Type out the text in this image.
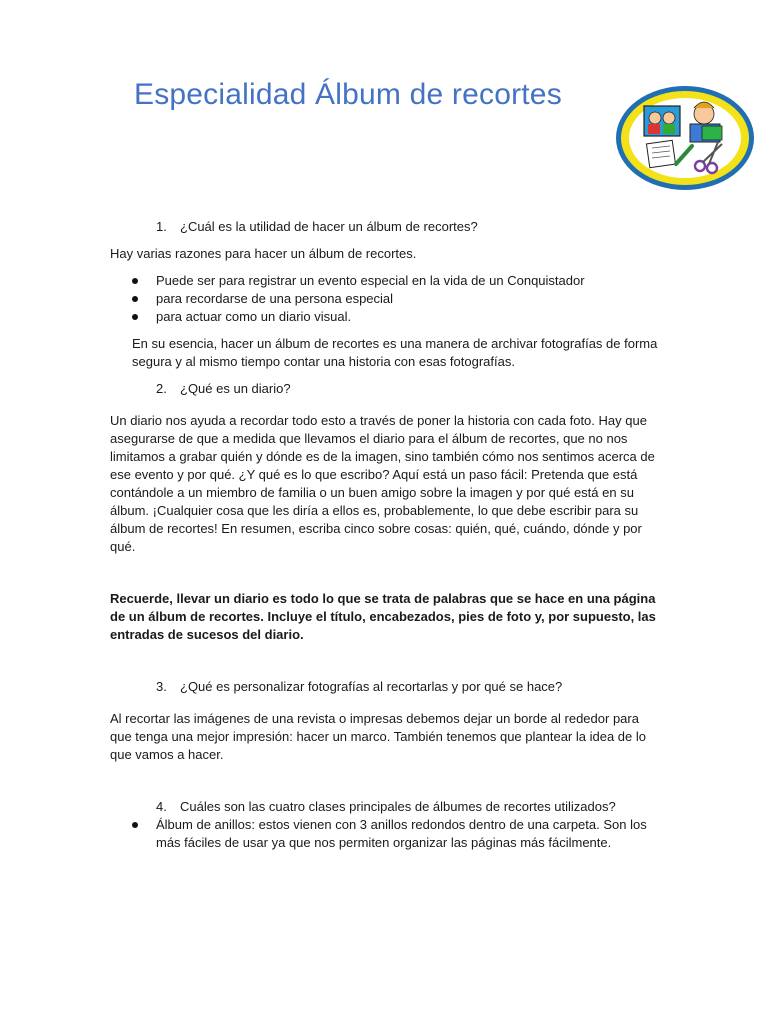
Especialidad Álbum de recortes

1. ¿Cuál es la utilidad de hacer un álbum de recortes?

Hay varias razones para hacer un álbum de recortes.

Puede ser para registrar un evento especial en la vida de un Conquistador
para recordarse de una persona especial
para actuar como un diario visual.

En su esencia, hacer un álbum de recortes es una manera de archivar fotografías de forma segura y al mismo tiempo contar una historia con esas fotografías.

2. ¿Qué es un diario?

Un diario nos ayuda a recordar todo esto a través de poner la historia con cada foto. Hay que asegurarse de que a medida que llevamos el diario para el álbum de recortes, que no nos limitamos a grabar quién y dónde es de la imagen, sino también cómo nos sentimos acerca de ese evento y por qué. ¿Y qué es lo que escribo? Aquí está un paso fácil: Pretenda que está contándole a un miembro de familia o un buen amigo sobre la imagen y por qué está en su álbum. ¡Cualquier cosa que les diría a ellos es, probablemente, lo que debe escribir para su álbum de recortes! En resumen, escriba cinco sobre cosas: quién, qué, cuándo, dónde y por qué.

Recuerde, llevar un diario es todo lo que se trata de palabras que se hace en una página de un álbum de recortes. Incluye el título, encabezados, pies de foto y, por supuesto, las entradas de sucesos del diario.

3. ¿Qué es personalizar fotografías al recortarlas y por qué se hace?

Al recortar las imágenes de una revista o impresas debemos dejar un borde al rededor para que tenga una mejor impresión: hacer un marco. También tenemos que plantear la idea de lo que vamos a hacer.

4. Cuáles son las cuatro clases principales de álbumes de recortes utilizados?

Álbum de anillos: estos vienen con 3 anillos redondos dentro de una carpeta. Son los más fáciles de usar ya que nos permiten organizar las páginas más fácilmente.
